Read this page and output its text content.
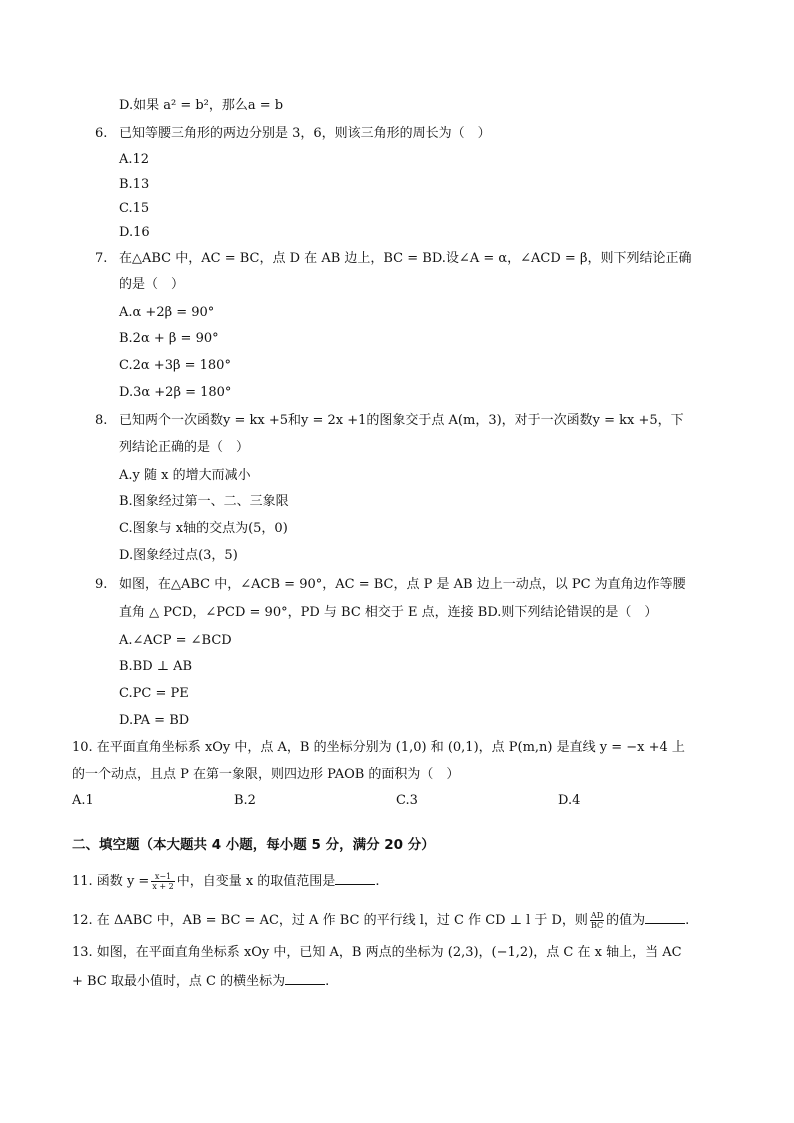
D.如果 a² = b²，那么a = b
6. 已知等腰三角形的两边分别是 3，6，则该三角形的周长为（　）
A.12
B.13
C.15
D.16
7. 在△ABC 中，AC = BC，点 D 在 AB 边上，BC = BD.设∠A = α，∠ACD = β，则下列结论正确
的是（　）
A.α +2β = 90°
B.2α + β = 90°
C.2α +3β = 180°
D.3α +2β = 180°
8. 已知两个一次函数y = kx +5和y = 2x +1的图象交于点 A(m，3)，对于一次函数y = kx +5，下
列结论正确的是（　）
A.y 随 x 的增大而减小
B.图象经过第一、二、三象限
C.图象与 x轴的交点为(5，0)
D.图象经过点(3，5)
9. 如图，在△ABC 中，∠ACB = 90°，AC = BC，点 P 是 AB 边上一动点，以 PC 为直角边作等腰
直角 △ PCD，∠PCD = 90°，PD 与 BC 相交于 E 点，连接 BD.则下列结论错误的是（　）
A.∠ACP = ∠BCD
B.BD ⊥ AB
C.PC = PE
D.PA = BD
10. 在平面直角坐标系 xOy 中，点 A，B 的坐标分别为 (1,0) 和 (0,1)，点 P(m,n) 是直线 y = −x +4 上
的一个动点，且点 P 在第一象限，则四边形 PAOB 的面积为（　）
A.1	B.2	C.3	D.4
二、填空题（本大题共 4 小题，每小题 5 分，满分 20 分）
11. 函数 $y = \frac{x-1}{x + 2}$ 中，自变量 x 的取值范围是	.
12. 在 ΔABC 中，AB = BC = AC，过 A 作 BC 的平行线 l，过 C 作 CD ⊥ l 于 D，则 $\frac{AD}{BC}$ 的值为	.
13. 如图，在平面直角坐标系 xOy 中，已知 A，B 两点的坐标为 (2,3)，(−1,2)，点 C 在 x 轴上，当 AC
+ BC 取最小值时，点 C 的横坐标为	.
